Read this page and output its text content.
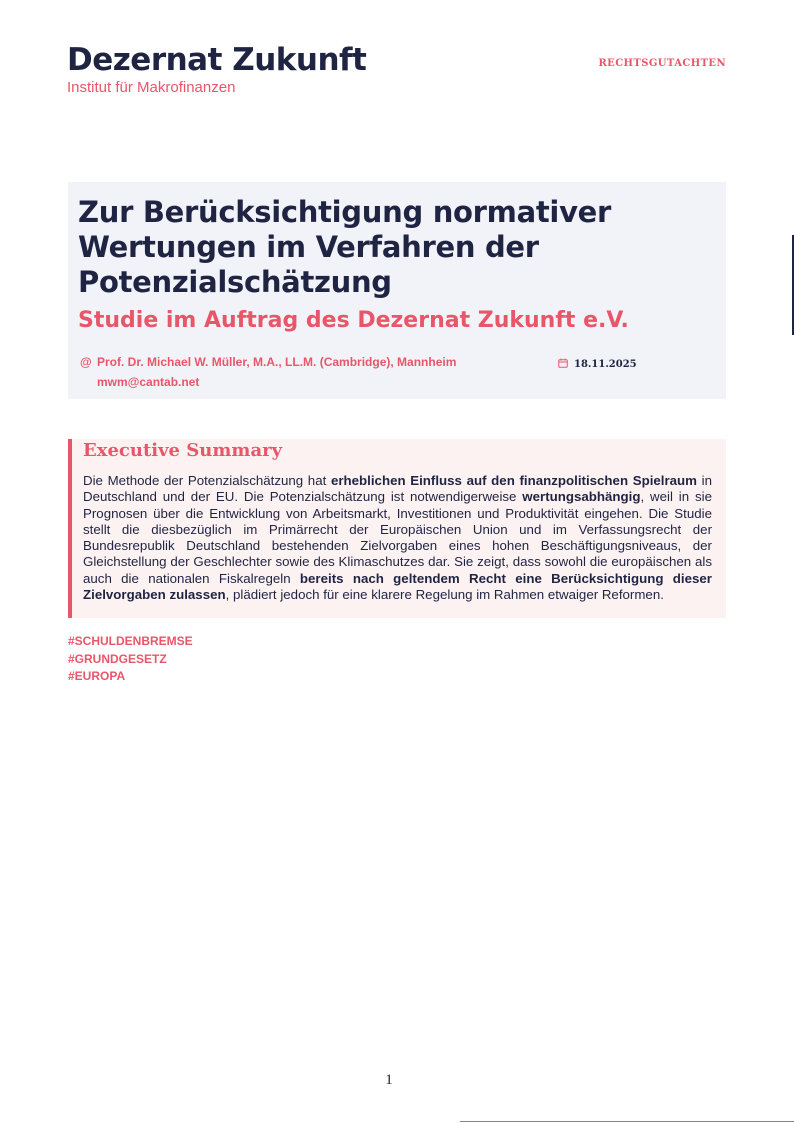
Dezernat Zukunft
Institut für Makrofinanzen
RECHTSGUTACHTEN
Zur Berücksichtigung normativer Wertungen im Verfahren der Potenzialschätzung
Studie im Auftrag des Dezernat Zukunft e.V.
@ Prof. Dr. Michael W. Müller, M.A., LL.M. (Cambridge), Mannheim
mwm@cantab.net
18.11.2025
Executive Summary
Die Methode der Potenzialschätzung hat erheblichen Einfluss auf den finanzpolitischen Spielraum in Deutschland und der EU. Die Potenzialschätzung ist notwendigerweise wertungsabhängig, weil in sie Prognosen über die Entwicklung von Arbeitsmarkt, Investitionen und Produktivität eingehen. Die Studie stellt die diesbezüglich im Primärrecht der Europäischen Union und im Verfassungsrecht der Bundesrepublik Deutschland bestehenden Zielvorgaben eines hohen Beschäftigungsniveaus, der Gleichstellung der Geschlechter sowie des Klimaschutzes dar. Sie zeigt, dass sowohl die europäischen als auch die nationalen Fiskalregeln bereits nach geltendem Recht eine Berücksichtigung dieser Zielvorgaben zulassen, plädiert jedoch für eine klarere Regelung im Rahmen etwaiger Reformen.
#SCHULDENBREMSE
#GRUNDGESETZ
#EUROPA
1
